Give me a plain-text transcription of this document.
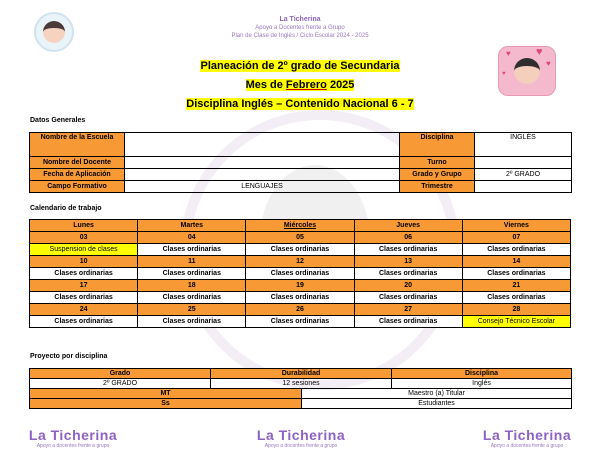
La Ticherina
Apoyo a Docentes frente a Grupo
Plan de Clase de Inglés / Ciclo Escolar 2024 - 2025
♥ ♥
♥
♥
Planeación de 2º grado de Secundaria
Mes de Febrero 2025
Disciplina Inglés – Contenido Nacional 6 - 7
Datos Generales
Nombre de la Escuela		Disciplina	INGLÉS
Nombre del Docente		Turno	
Fecha de Aplicación		Grado y Grupo	2º GRADO
Campo Formativo	LENGUAJES	Trimestre	
Calendario de trabajo
Lunes	Martes	Miércoles	Jueves	Viernes
03	04	05	06	07
Suspension de clases	Clases ordinarias	Clases ordinarias	Clases ordinarias	Clases ordinarias
10	11	12	13	14
Clases ordinarias	Clases ordinarias	Clases ordinarias	Clases ordinarias	Clases ordinarias
17	18	19	20	21
Clases ordinarias	Clases ordinarias	Clases ordinarias	Clases ordinarias	Clases ordinarias
24	25	26	27	28
Clases ordinarias	Clases ordinarias	Clases ordinarias	Clases ordinarias	Consejo Técnico Escolar
Proyecto por disciplina
Grado	Durabilidad		Disciplina
2º GRADO	12 sesiones		Inglés
MT		Maestro (a) Titular	
Ss		Estudiantes	
La Ticherina
Apoyo a docentes frente a grupo
La Ticherina
Apoyo a docentes frente a grupo
La Ticherina
Apoyo a docentes frente a grupo
